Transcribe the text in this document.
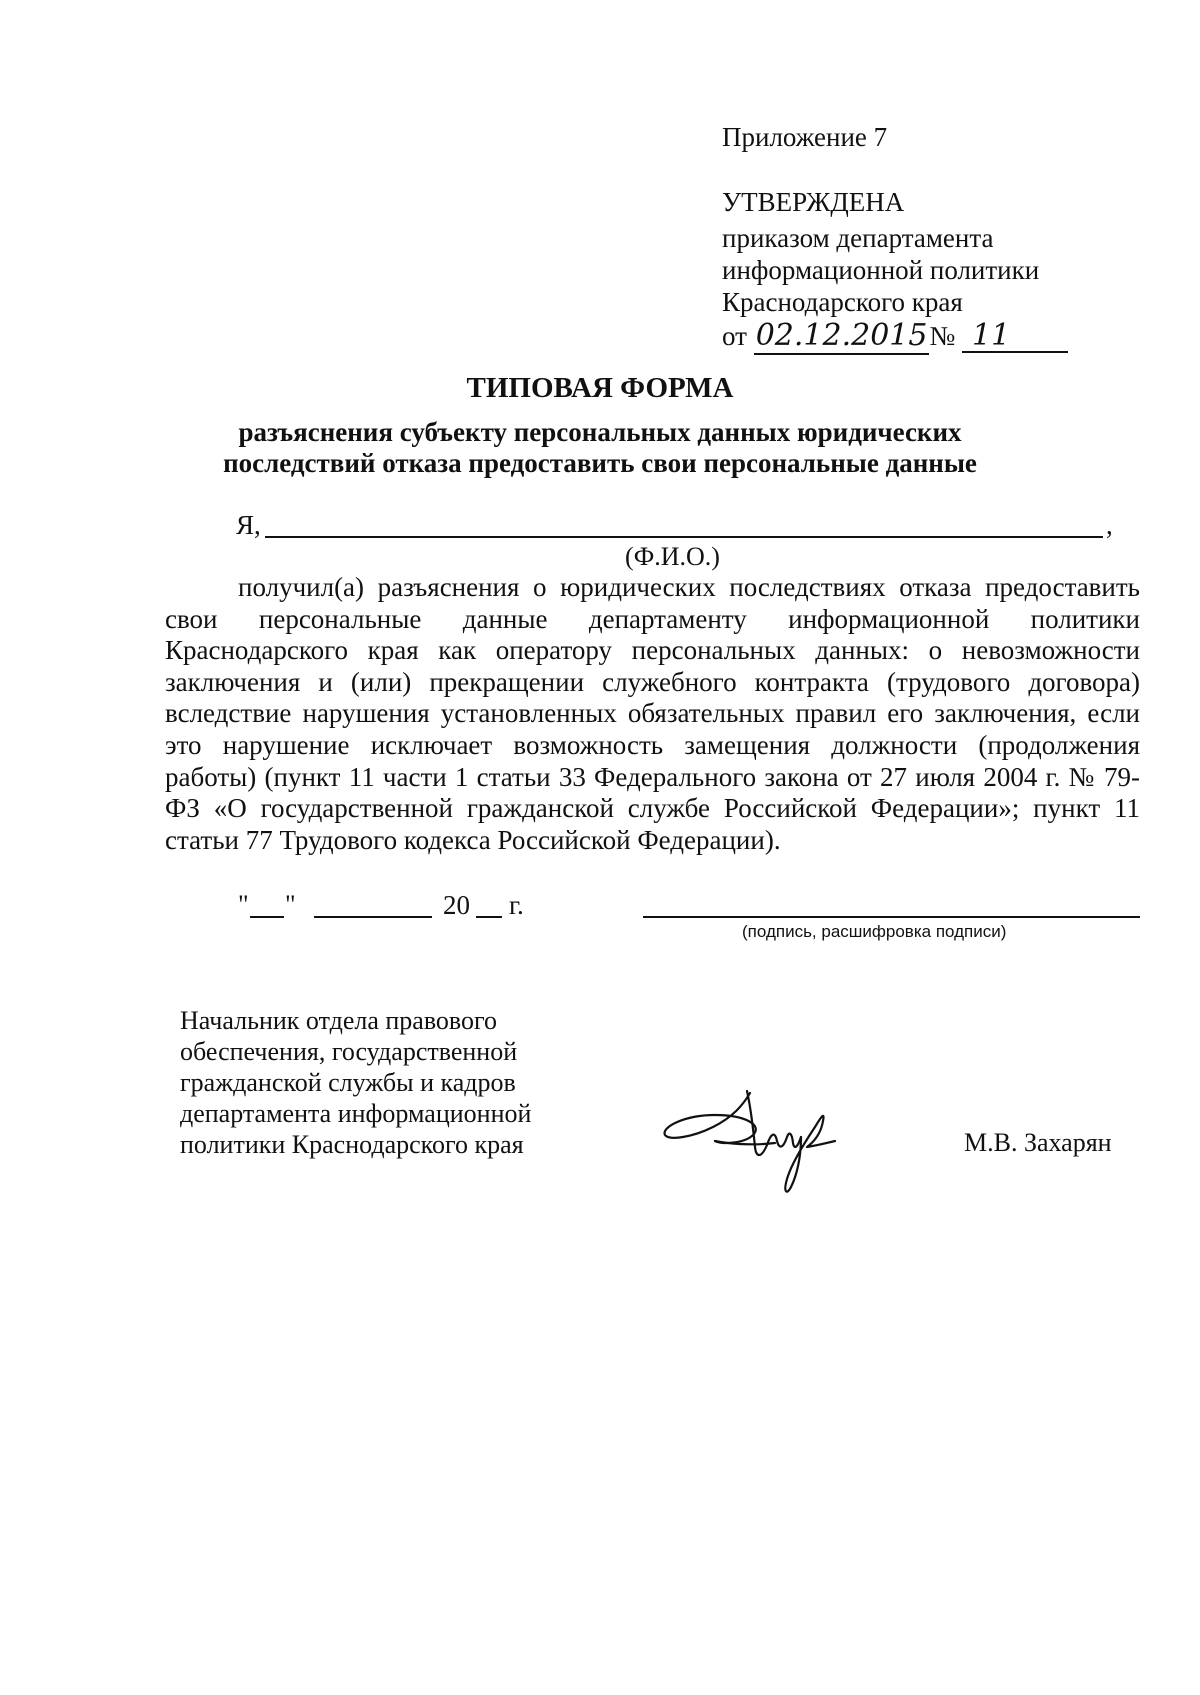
Приложение 7
УТВЕРЖДЕНА
приказом департамента
информационной политики
Краснодарского края
от 02.12.2015№ 11
ТИПОВАЯ ФОРМА
разъяснения субъекту персональных данных юридических
последствий отказа предоставить свои персональные данные
Я,	,
(Ф.И.О.)
получил(а) разъяснения о юридических последствиях отказа предоставить свои персональные данные департаменту информационной политики Краснодарского края как оператору персональных данных: о невозможности заключения и (или) прекращении служебного контракта (трудового договора) вследствие нарушения установленных обязательных правил его заключения, если это нарушение исключает возможность замещения должности (продолжения работы) (пункт 11 части 1 статьи 33 Федерального закона от 27 июля 2004 г. № 79-ФЗ «О государственной гражданской службе Российской Федерации»; пункт 11 статьи 77 Трудового кодекса Российской Федерации).
" "	20 г.
(подпись, расшифровка подписи)
Начальник отдела правового
обеспечения, государственной
гражданской службы и кадров
департамента информационной
политики Краснодарского края	М.В. Захарян
